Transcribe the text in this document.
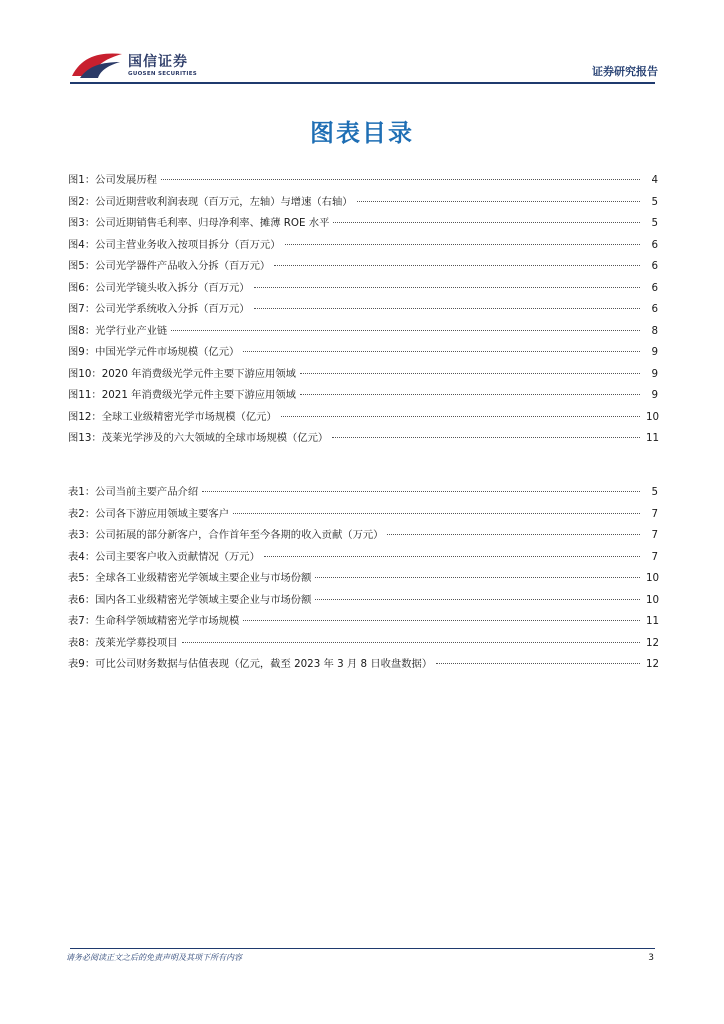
国信证券
GUOSEN SECURITIES	证券研究报告
图表目录
图1： 公司发展历程	4
图2： 公司近期营收利润表现（百万元，左轴）与增速（右轴）	5
图3： 公司近期销售毛利率、归母净利率、摊薄 ROE 水平	5
图4： 公司主营业务收入按项目拆分（百万元）	6
图5： 公司光学器件产品收入分拆（百万元）	6
图6： 公司光学镜头收入拆分（百万元）	6
图7： 公司光学系统收入分拆（百万元）	6
图8： 光学行业产业链	8
图9： 中国光学元件市场规模（亿元）	9
图10： 2020 年消费级光学元件主要下游应用领域	9
图11： 2021 年消费级光学元件主要下游应用领域	9
图12： 全球工业级精密光学市场规模（亿元）	10
图13： 茂莱光学涉及的六大领域的全球市场规模（亿元）	11
表1： 公司当前主要产品介绍	5
表2： 公司各下游应用领域主要客户	7
表3： 公司拓展的部分新客户，合作首年至今各期的收入贡献（万元）	7
表4： 公司主要客户收入贡献情况（万元）	7
表5： 全球各工业级精密光学领域主要企业与市场份额	10
表6： 国内各工业级精密光学领域主要企业与市场份额	10
表7： 生命科学领域精密光学市场规模	11
表8： 茂莱光学募投项目	12
表9： 可比公司财务数据与估值表现（亿元，截至 2023 年 3 月 8 日收盘数据）	12
请务必阅读正文之后的免责声明及其项下所有内容	3
